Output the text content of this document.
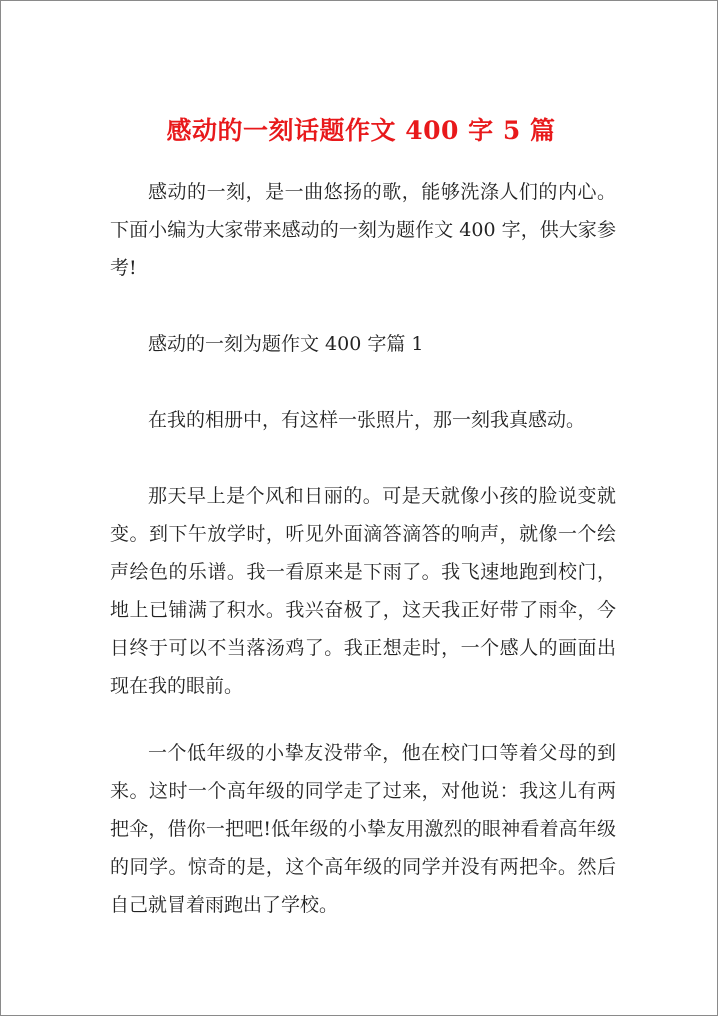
感动的一刻话题作文 400 字 5 篇

感动的一刻，是一曲悠扬的歌，能够洗涤人们的内心。下面小编为大家带来感动的一刻为题作文 400 字，供大家参考!

感动的一刻为题作文 400 字篇 1

在我的相册中，有这样一张照片，那一刻我真感动。

那天早上是个风和日丽的。可是天就像小孩的脸说变就变。到下午放学时，听见外面滴答滴答的响声，就像一个绘声绘色的乐谱。我一看原来是下雨了。我飞速地跑到校门，地上已铺满了积水。我兴奋极了，这天我正好带了雨伞，今日终于可以不当落汤鸡了。我正想走时，一个感人的画面出现在我的眼前。

一个低年级的小挚友没带伞，他在校门口等着父母的到来。这时一个高年级的同学走了过来，对他说：我这儿有两把伞，借你一把吧!低年级的小挚友用激烈的眼神看着高年级的同学。惊奇的是，这个高年级的同学并没有两把伞。然后自己就冒着雨跑出了学校。
